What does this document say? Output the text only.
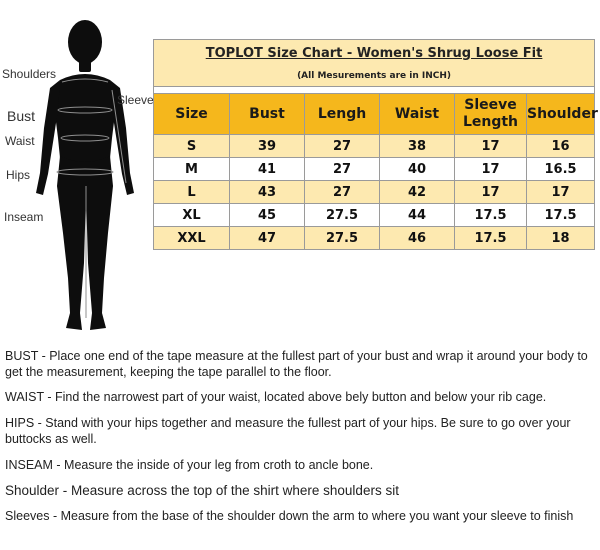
Shoulders
Sleeve
Bust
Waist
Hips
Inseam
TOPLOT Size Chart - Women's Shrug Loose Fit					
(All Mesurements are in INCH)					

Size	Bust	Lengh	Waist	Sleeve Length	Shoulder
S	39	27	38	17	16
M	41	27	40	17	16.5
L	43	27	42	17	17
XL	45	27.5	44	17.5	17.5
XXL	47	27.5	46	17.5	18
BUST - Place one end of the tape measure at the fullest part of your bust and wrap it around your body to get the measurement, keeping the tape parallel to the floor.
WAIST - Find the narrowest part of your waist, located above bely button and below your rib cage.
HIPS - Stand with your hips together and measure the fullest part of your hips. Be sure to go over your buttocks as well.
INSEAM - Measure the inside of your leg from croth to ancle bone.
Shoulder - Measure across the top of the shirt where shoulders sit
Sleeves - Measure from the base of the shoulder down the arm to where you want your sleeve to finish
